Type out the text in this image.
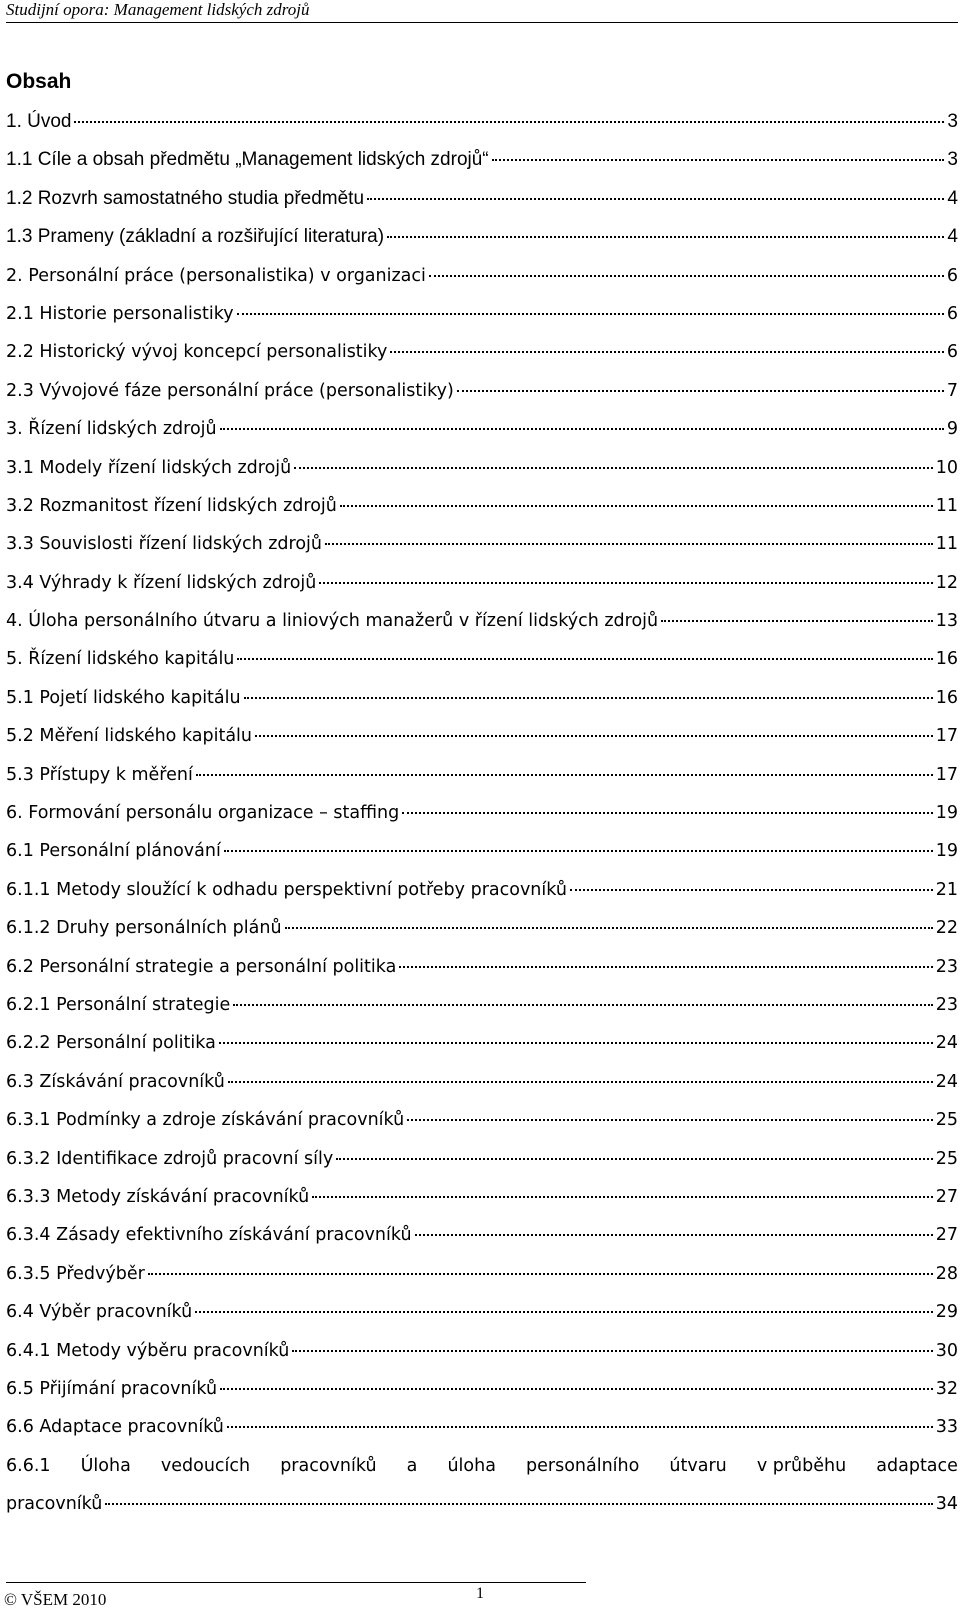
Studijní opora: Management lidských zdrojů
Obsah
1. Úvod	3
1.1 Cíle a obsah předmětu „Management lidských zdrojů“	3
1.2 Rozvrh samostatného studia předmětu	4
1.3 Prameny (základní a rozšiřující literatura)	4
2. Personální práce (personalistika) v organizaci	6
2.1 Historie personalistiky	6
2.2 Historický vývoj koncepcí personalistiky	6
2.3 Vývojové fáze personální práce (personalistiky)	7
3. Řízení lidských zdrojů	9
3.1 Modely řízení lidských zdrojů	10
3.2 Rozmanitost řízení lidských zdrojů	11
3.3 Souvislosti řízení lidských zdrojů	11
3.4 Výhrady k řízení lidských zdrojů	12
4. Úloha personálního útvaru a liniových manažerů v řízení lidských zdrojů	13
5. Řízení lidského kapitálu	16
5.1 Pojetí lidského kapitálu	16
5.2 Měření lidského kapitálu	17
5.3 Přístupy k měření	17
6. Formování personálu organizace – staffing	19
6.1 Personální plánování	19
6.1.1 Metody sloužící k odhadu perspektivní potřeby pracovníků	21
6.1.2 Druhy personálních plánů	22
6.2 Personální strategie a personální politika	23
6.2.1 Personální strategie	23
6.2.2 Personální politika	24
6.3 Získávání pracovníků	24
6.3.1 Podmínky a zdroje získávání pracovníků	25
6.3.2 Identifikace zdrojů pracovní síly	25
6.3.3 Metody získávání pracovníků	27
6.3.4 Zásady efektivního získávání pracovníků	27
6.3.5 Předvýběr	28
6.4 Výběr pracovníků	29
6.4.1 Metody výběru pracovníků	30
6.5 Přijímání pracovníků	32
6.6 Adaptace pracovníků	33
6.6.1 Úloha vedoucích pracovníků a úloha personálního útvaru v průběhu adaptace
pracovníků	34
© VŠEM 2010	1
